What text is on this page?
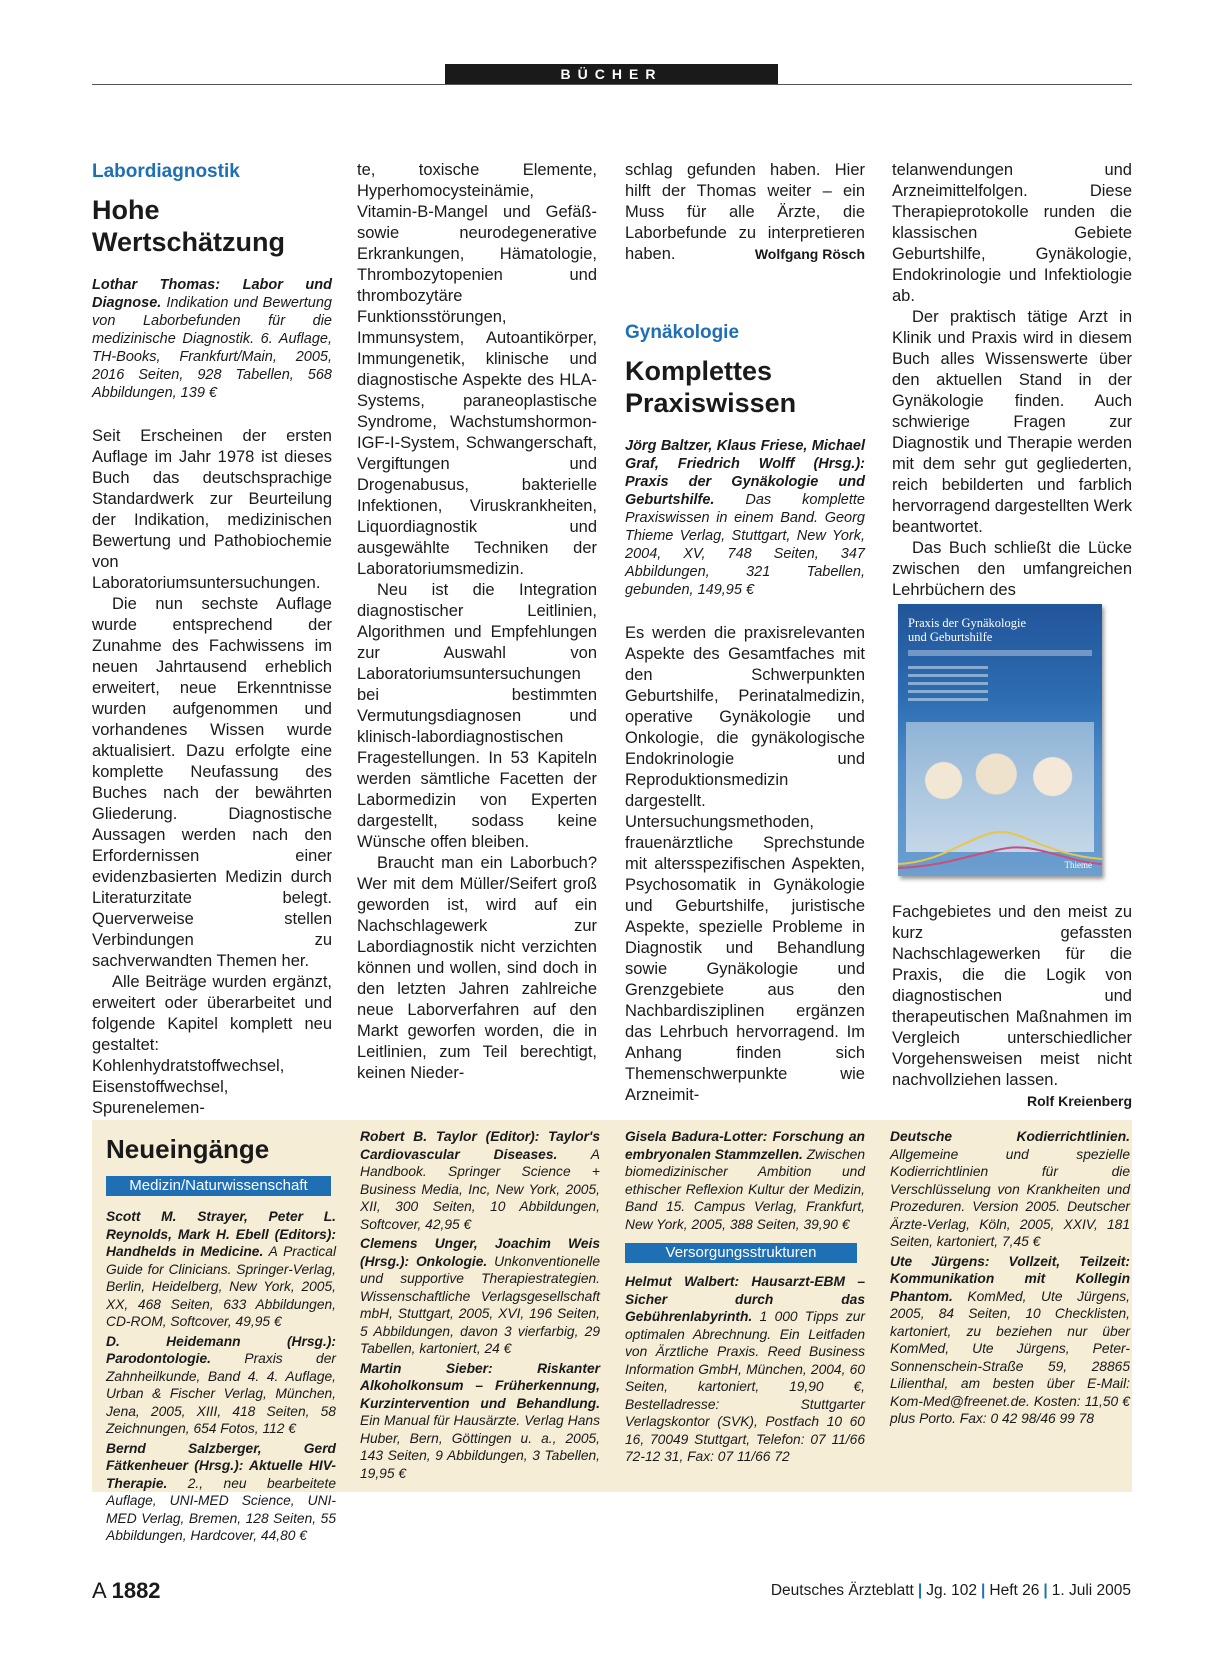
BÜCHER
Labordiagnostik
Hohe Wertschätzung

Lothar Thomas: Labor und Diagnose. Indikation und Bewertung von Laborbefunden für die medizinische Diagnostik. 6. Auflage, TH-Books, Frankfurt/Main, 2005, 2016 Seiten, 928 Tabellen, 568 Abbildungen, 139 €

Seit Erscheinen der ersten Auflage im Jahr 1978 ist dieses Buch das deutschsprachige Standardwerk zur Beurteilung der Indikation, medizinischen Bewertung und Pathobiochemie von Laboratoriumsuntersuchungen.

Die nun sechste Auflage wurde entsprechend der Zunahme des Fachwissens im neuen Jahrtausend erheblich erweitert, neue Erkenntnisse wurden aufgenommen und vorhandenes Wissen wurde aktualisiert. Dazu erfolgte eine komplette Neufassung des Buches nach der bewährten Gliederung. Diagnostische Aussagen werden nach den Erfordernissen einer evidenzbasierten Medizin durch Literaturzitate belegt. Querverweise stellen Verbindungen zu sachverwandten Themen her.

Alle Beiträge wurden ergänzt, erweitert oder überarbeitet und folgende Kapitel komplett neu gestaltet: Kohlenhydratstoffwechsel, Eisenstoffwechsel, Spurenelemen-

te, toxische Elemente, Hyperhomocysteinämie, Vitamin-B-Mangel und Gefäß- sowie neurodegenerative Erkrankungen, Hämatologie, Thrombozytopenien und thrombozytäre Funktionsstörungen, Immunsystem, Autoantikörper, Immungenetik, klinische und diagnostische Aspekte des HLA-Systems, paraneoplastische Syndrome, Wachstumshormon-IGF-I-System, Schwangerschaft, Vergiftungen und Drogenabusus, bakterielle Infektionen, Viruskrankheiten, Liquordiagnostik und ausgewählte Techniken der Laboratoriumsmedizin.

Neu ist die Integration diagnostischer Leitlinien, Algorithmen und Empfehlungen zur Auswahl von Laboratoriumsuntersuchungen bei bestimmten Vermutungsdiagnosen und klinisch-labordiagnostischen Fragestellungen. In 53 Kapiteln werden sämtliche Facetten der Labormedizin von Experten dargestellt, sodass keine Wünsche offen bleiben.

Braucht man ein Laborbuch? Wer mit dem Müller/Seifert groß geworden ist, wird auf ein Nachschlagewerk zur Labordiagnostik nicht verzichten können und wollen, sind doch in den letzten Jahren zahlreiche neue Laborverfahren auf den Markt geworfen worden, die in Leitlinien, zum Teil berechtigt, keinen Nieder-

schlag gefunden haben. Hier hilft der Thomas weiter – ein Muss für alle Ärzte, die Laborbefunde zu interpretieren haben.	Wolfgang Rösch

Gynäkologie
Komplettes Praxiswissen

Jörg Baltzer, Klaus Friese, Michael Graf, Friedrich Wolff (Hrsg.): Praxis der Gynäkologie und Geburtshilfe. Das komplette Praxiswissen in einem Band. Georg Thieme Verlag, Stuttgart, New York, 2004, XV, 748 Seiten, 347 Abbildungen, 321 Tabellen, gebunden, 149,95 €

Es werden die praxisrelevanten Aspekte des Gesamtfaches mit den Schwerpunkten Geburtshilfe, Perinatalmedizin, operative Gynäkologie und Onkologie, die gynäkologische Endokrinologie und Reproduktionsmedizin dargestellt. Untersuchungsmethoden, frauenärztliche Sprechstunde mit altersspezifischen Aspekten, Psychosomatik in Gynäkologie und Geburtshilfe, juristische Aspekte, spezielle Probleme in Diagnostik und Behandlung sowie Gynäkologie und Grenzgebiete aus den Nachbardisziplinen ergänzen das Lehrbuch hervorragend. Im Anhang finden sich Themenschwerpunkte wie Arzneimit-

telanwendungen und Arzneimittelfolgen. Diese Therapieprotokolle runden die klassischen Gebiete Geburtshilfe, Gynäkologie, Endokrinologie und Infektiologie ab.

Der praktisch tätige Arzt in Klinik und Praxis wird in diesem Buch alles Wissenswerte über den aktuellen Stand in der Gynäkologie finden. Auch schwierige Fragen zur Diagnostik und Therapie werden mit dem sehr gut gegliederten, reich bebilderten und farblich hervorragend dargestellten Werk beantwortet.

Das Buch schließt die Lücke zwischen den umfangreichen Lehrbüchern des

Fachgebietes und den meist zu kurz gefassten Nachschlagewerken für die Praxis, die die Logik von diagnostischen und therapeutischen Maßnahmen im Vergleich unterschiedlicher Vorgehensweisen meist nicht nachvollziehen lassen.
Rolf Kreienberg

Praxis der Gynäkologie
und Geburtshilfe
Thieme
Neueingänge
Medizin/Naturwissenschaft

Scott M. Strayer, Peter L. Reynolds, Mark H. Ebell (Editors): Handhelds in Medicine. A Practical Guide for Clinicians. Springer-Verlag, Berlin, Heidelberg, New York, 2005, XX, 468 Seiten, 633 Abbildungen, CD-ROM, Softcover, 49,95 €

D. Heidemann (Hrsg.): Parodontologie. Praxis der Zahnheilkunde, Band 4. 4. Auflage, Urban & Fischer Verlag, München, Jena, 2005, XIII, 418 Seiten, 58 Zeichnungen, 654 Fotos, 112 €

Bernd Salzberger, Gerd Fätkenheuer (Hrsg.): Aktuelle HIV-Therapie. 2., neu bearbeitete Auflage, UNI-MED Science, UNI-MED Verlag, Bremen, 128 Seiten, 55 Abbildungen, Hardcover, 44,80 €

Robert B. Taylor (Editor): Taylor's Cardiovascular Diseases. A Handbook. Springer Science + Business Media, Inc, New York, 2005, XII, 300 Seiten, 10 Abbildungen, Softcover, 42,95 €

Clemens Unger, Joachim Weis (Hrsg.): Onkologie. Unkonventionelle und supportive Therapiestrategien. Wissenschaftliche Verlagsgesellschaft mbH, Stuttgart, 2005, XVI, 196 Seiten, 5 Abbildungen, davon 3 vierfarbig, 29 Tabellen, kartoniert, 24 €

Martin Sieber: Riskanter Alkoholkonsum – Früherkennung, Kurzintervention und Behandlung. Ein Manual für Hausärzte. Verlag Hans Huber, Bern, Göttingen u. a., 2005, 143 Seiten, 9 Abbildungen, 3 Tabellen, 19,95 €

Gisela Badura-Lotter: Forschung an embryonalen Stammzellen. Zwischen biomedizinischer Ambition und ethischer Reflexion Kultur der Medizin, Band 15. Campus Verlag, Frankfurt, New York, 2005, 388 Seiten, 39,90 €

Versorgungsstrukturen

Helmut Walbert: Hausarzt-EBM – Sicher durch das Gebührenlabyrinth. 1 000 Tipps zur optimalen Abrechnung. Ein Leitfaden von Ärztliche Praxis. Reed Business Information GmbH, München, 2004, 60 Seiten, kartoniert, 19,90 €, Bestelladresse: Stuttgarter Verlagskontor (SVK), Postfach 10 60 16, 70049 Stuttgart, Telefon: 07 11/66 72-12 31, Fax: 07 11/66 72

Deutsche Kodierrichtlinien. Allgemeine und spezielle Kodierrichtlinien für die Verschlüsselung von Krankheiten und Prozeduren. Version 2005. Deutscher Ärzte-Verlag, Köln, 2005, XXIV, 181 Seiten, kartoniert, 7,45 €

Ute Jürgens: Vollzeit, Teilzeit: Kommunikation mit Kollegin Phantom. KomMed, Ute Jürgens, 2005, 84 Seiten, 10 Checklisten, kartoniert, zu beziehen nur über KomMed, Ute Jürgens, Peter-Sonnenschein-Straße 59, 28865 Lilienthal, am besten über E-Mail: Kom-Med@freenet.de. Kosten: 11,50 € plus Porto. Fax: 0 42 98/46 99 78

A 1882	Deutsches Ärzteblatt | Jg. 102 | Heft 26 | 1. Juli 2005
